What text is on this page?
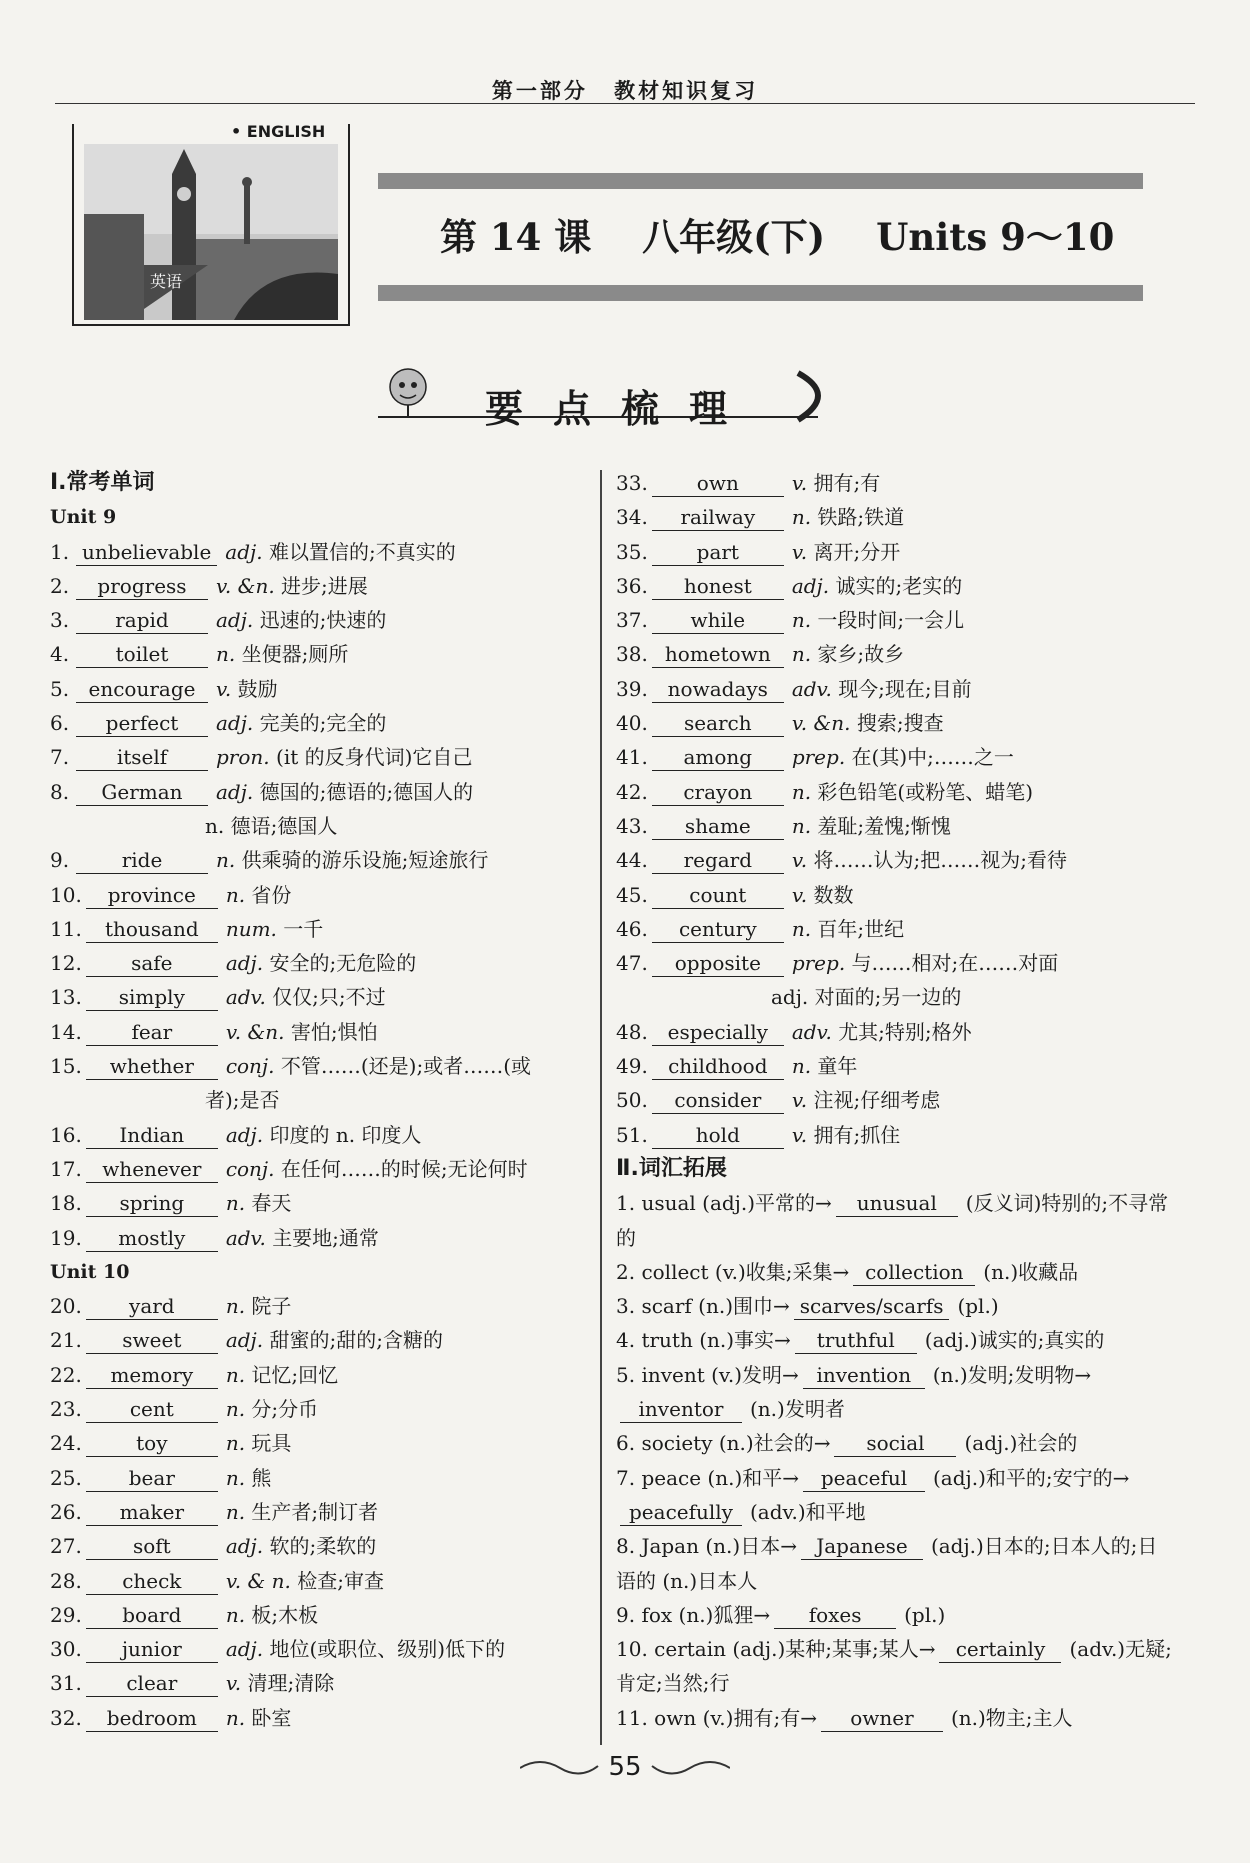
第一部分 教材知识复习
英语
• ENGLISH
第 14 课 八年级(下) Units 9～10
要点梳理
Ⅰ.常考单词
Unit 9
1. unbelievable adj. 难以置信的;不真实的
2. progress v. &n. 进步;进展
3. rapid adj. 迅速的;快速的
4. toilet n. 坐便器;厕所
5. encourage v. 鼓励
6. perfect adj. 完美的;完全的
7. itself pron. (it 的反身代词)它自己
8. German adj. 德国的;德语的;德国人的
n. 德语;德国人
9.	ride	n. 供乘骑的游乐设施;短途旅行
10. province n. 省份
11. thousand num. 一千
12. safe	adj. 安全的;无危险的
13. simply adv. 仅仅;只;不过
14. fear	v. &n. 害怕;惧怕
15. whether conj. 不管……(还是);或者……(或
者);是否
16. Indian adj. 印度的 n. 印度人
17. whenever conj. 在任何……的时候;无论何时
18. spring n. 春天
19. mostly adv. 主要地;通常
Unit 10
20. yard	n. 院子
21. sweet adj. 甜蜜的;甜的;含糖的
22. memory n. 记忆;回忆
23. cent	n. 分;分币
24.	toy	n. 玩具
25. bear	n. 熊
26. maker n. 生产者;制订者
27.	soft	adj. 软的;柔软的
28. check v. & n. 检查;审查
29. board n. 板;木板
30. junior adj. 地位(或职位、级别)低下的
31. clear v. 清理;清除
32. bedroom n. 卧室
33. own	v. 拥有;有
34. railway n. 铁路;铁道
35. part	v. 离开;分开
36. honest adj. 诚实的;老实的
37. while n. 一段时间;一会儿
38. hometown n. 家乡;故乡
39. nowadays adv. 现今;现在;目前
40. search v. &n. 搜索;搜查
41. among prep. 在(其)中;……之一
42. crayon n. 彩色铅笔(或粉笔、蜡笔)
43. shame n. 羞耻;羞愧;惭愧
44. regard v. 将……认为;把……视为;看待
45. count v. 数数
46. century n. 百年;世纪
47. opposite prep. 与……相对;在……对面
adj. 对面的;另一边的
48. especially adv. 尤其;特别;格外
49. childhood n. 童年
50. consider v. 注视;仔细考虑
51. hold	v. 拥有;抓住
Ⅱ.词汇拓展
1. usual (adj.)平常的→ unusual (反义词)特别的;不寻常的
2. collect (v.)收集;采集→ collection (n.)收藏品
3. scarf (n.)围巾→ scarves/scarfs (pl.)
4. truth (n.)事实→ truthful (adj.)诚实的;真实的
5. invent (v.)发明→ invention (n.)发明;发明物→inventor (n.)发明者
6. society (n.)社会的→ social (adj.)社会的
7. peace (n.)和平→ peaceful (adj.)和平的;安宁的→peacefully (adv.)和平地
8. Japan (n.)日本→ Japanese (adj.)日本的;日本人的;日语的 (n.)日本人
9. fox (n.)狐狸→ foxes (pl.)
10. certain (adj.)某种;某事;某人→ certainly (adv.)无疑;肯定;当然;行
11. own (v.)拥有;有→ owner (n.)物主;主人
55
